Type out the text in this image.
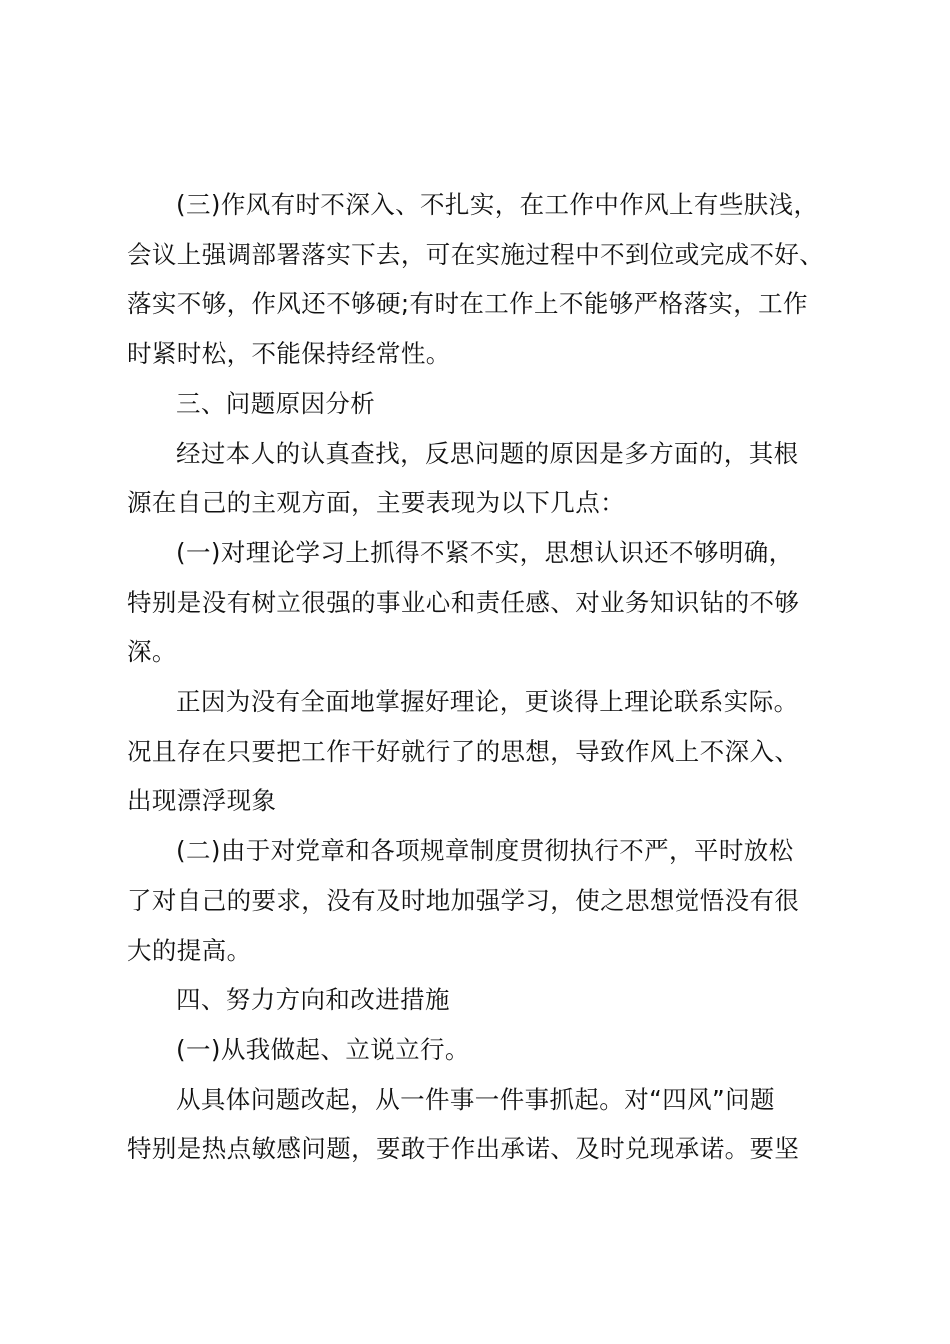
(三)作风有时不深入、不扎实，在工作中作风上有些肤浅，
会议上强调部署落实下去，可在实施过程中不到位或完成不好、
落实不够，作风还不够硬;有时在工作上不能够严格落实，工作
时紧时松，不能保持经常性。

三、问题原因分析

经过本人的认真查找，反思问题的原因是多方面的，其根
源在自己的主观方面，主要表现为以下几点：

(一)对理论学习上抓得不紧不实，思想认识还不够明确，
特别是没有树立很强的事业心和责任感、对业务知识钻的不够
深。

正因为没有全面地掌握好理论，更谈得上理论联系实际。
况且存在只要把工作干好就行了的思想，导致作风上不深入、
出现漂浮现象

(二)由于对党章和各项规章制度贯彻执行不严，平时放松
了对自己的要求，没有及时地加强学习，使之思想觉悟没有很
大的提高。

四、努力方向和改进措施

(一)从我做起、立说立行。

从具体问题改起，从一件事一件事抓起。对“四风”问题
特别是热点敏感问题，要敢于作出承诺、及时兑现承诺。要坚
